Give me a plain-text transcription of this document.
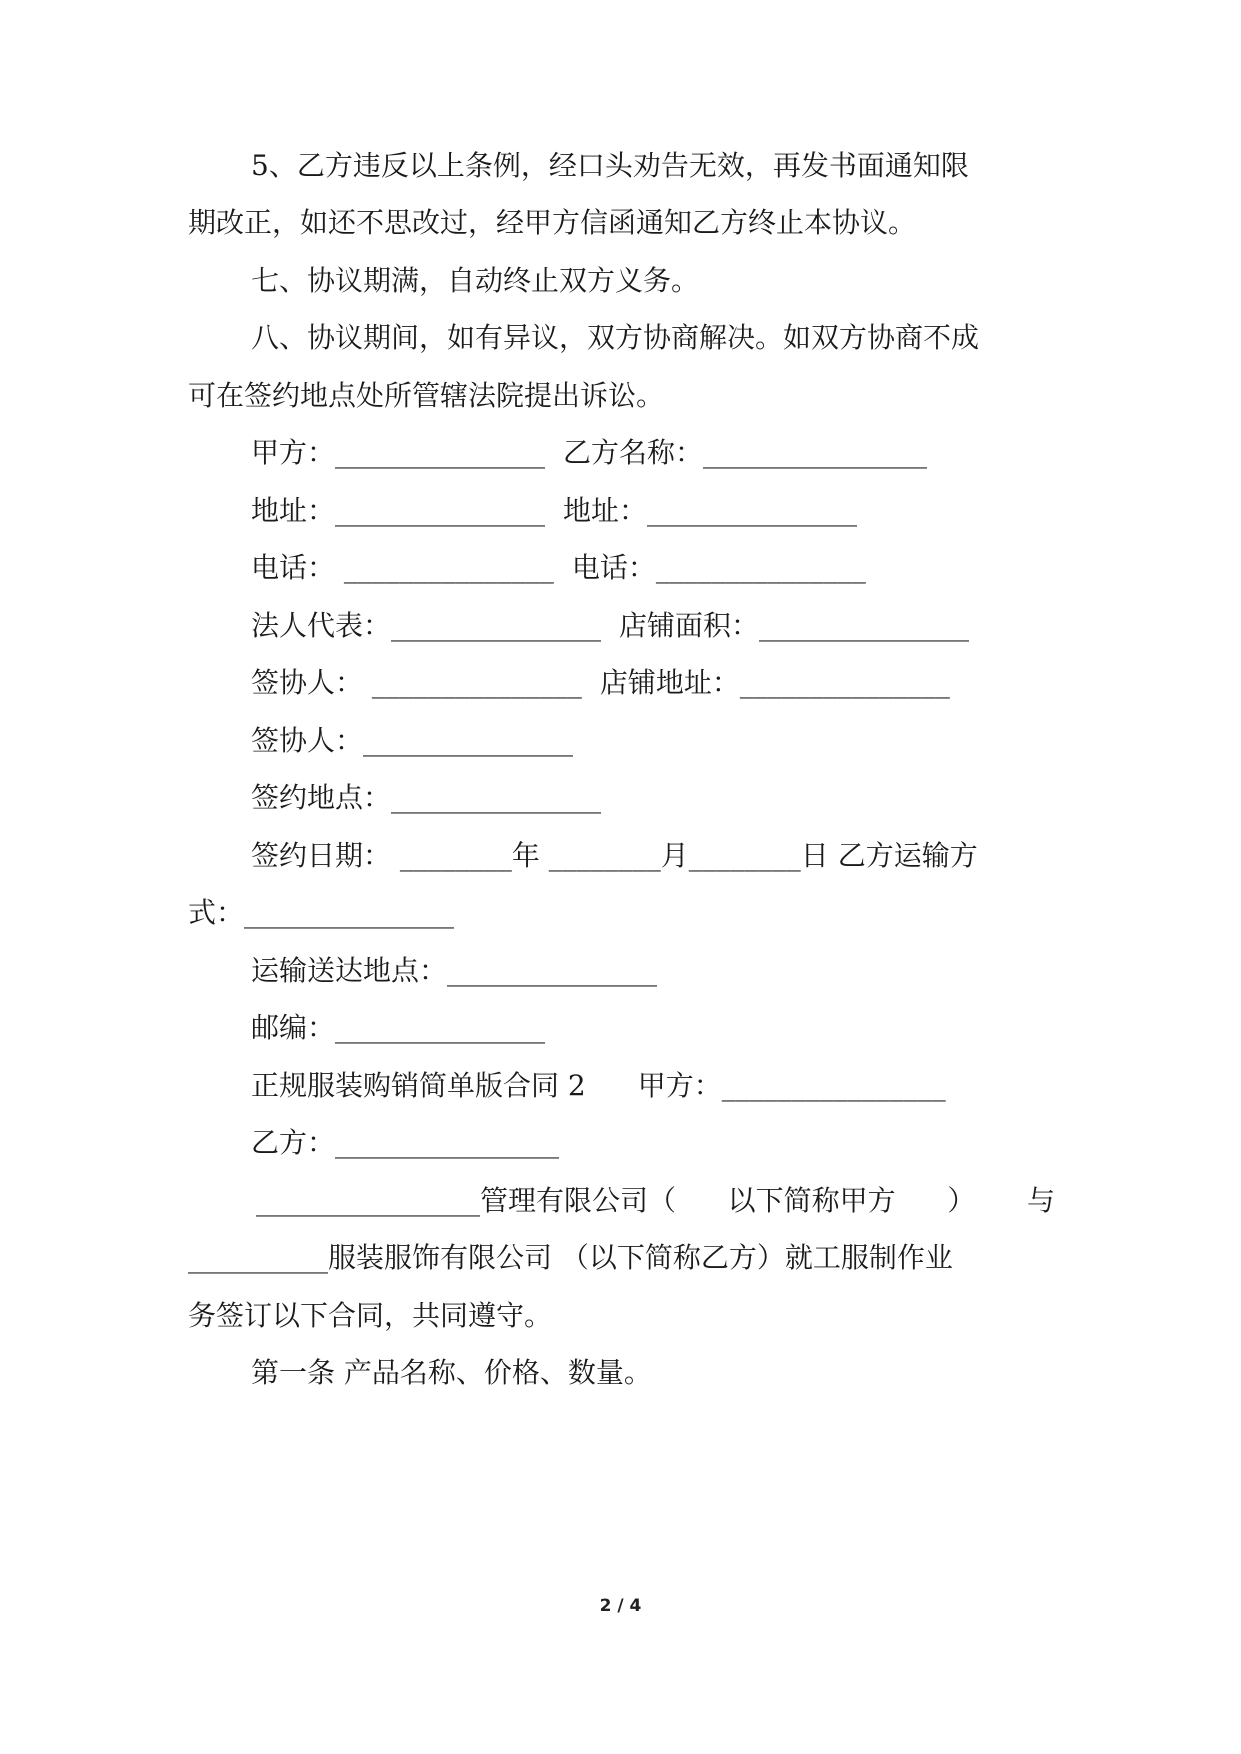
5、乙方违反以上条例，经口头劝告无效，再发书面通知限
期改正，如还不思改过，经甲方信函通知乙方终止本协议。
七、协议期满，自动终止双方义务。
八、协议期间，如有异议，双方协商解决。如双方协商不成
可在签约地点处所管辖法院提出诉讼。
甲方：_______________ 乙方名称：________________
地址：_______________ 地址：_______________
电话： _______________ 电话：_______________
法人代表：_______________ 店铺面积：_______________
签协人： _______________ 店铺地址：_______________
签协人：_______________
签约地点：_______________
签约日期： ________年 ________月________日 乙方运输方
式：_______________
运输送达地点：_______________
邮编：_______________
正规服装购销简单版合同 2 甲方：________________
乙方：________________
________________管理有限公司（ 以下简称甲方 ） 与
__________服装服饰有限公司 （以下简称乙方）就工服制作业
务签订以下合同，共同遵守。
第一条 产品名称、价格、数量。
2 / 4
